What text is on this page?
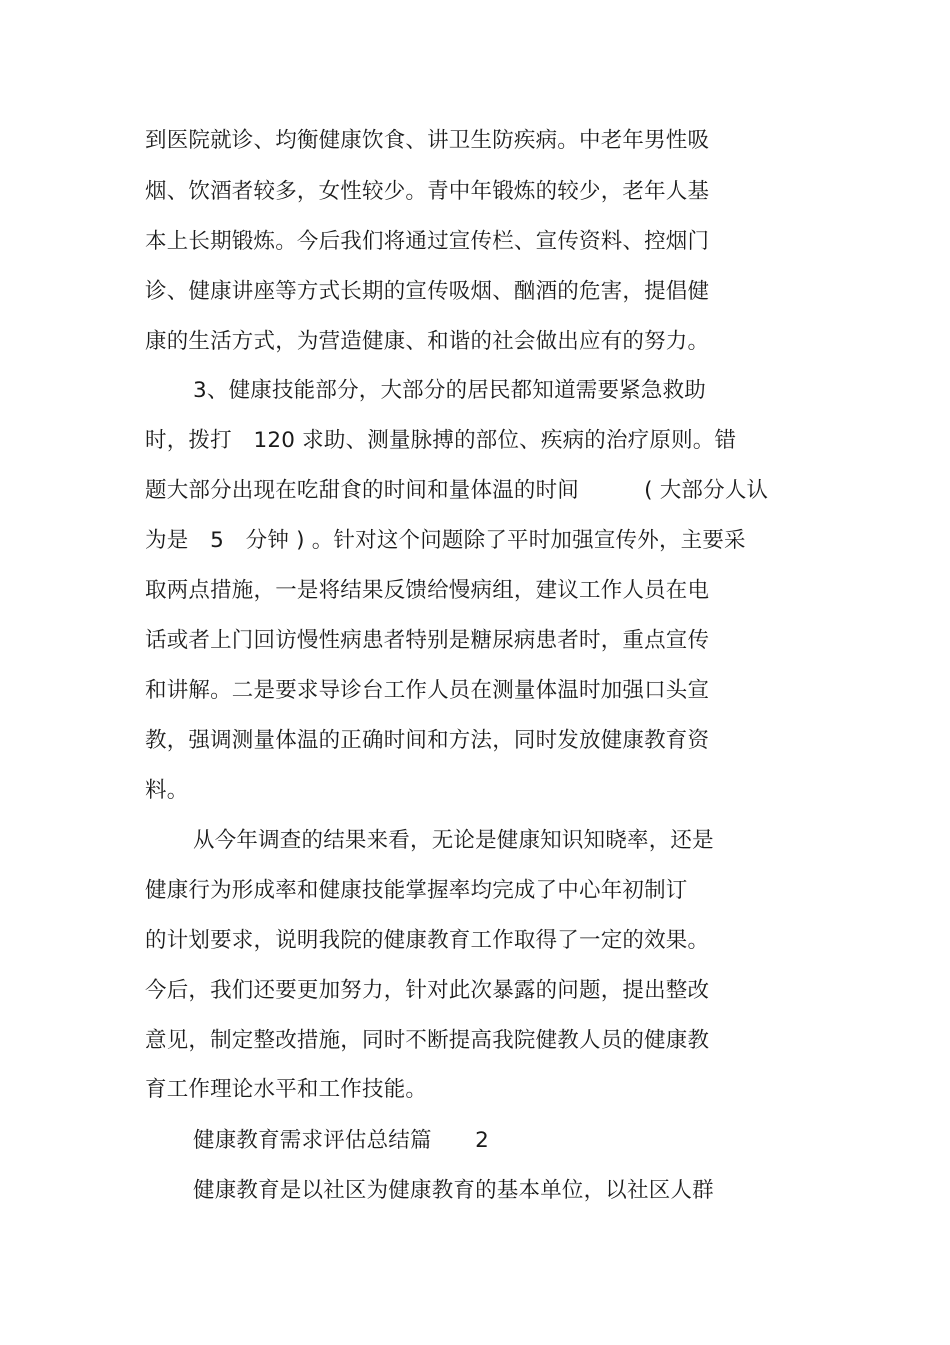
到医院就诊、均衡健康饮食、讲卫生防疾病。中老年男性吸
烟、饮酒者较多，女性较少。青中年锻炼的较少，老年人基
本上长期锻炼。今后我们将通过宣传栏、宣传资料、控烟门
诊、健康讲座等方式长期的宣传吸烟、酗酒的危害，提倡健
康的生活方式，为营造健康、和谐的社会做出应有的努力。
3、健康技能部分，大部分的居民都知道需要紧急救助
时，拨打　120 求助、测量脉搏的部位、疾病的治疗原则。错
题大部分出现在吃甜食的时间和量体温的时间　　　( 大部分人认
为是　5　分钟 ) 。针对这个问题除了平时加强宣传外，主要采
取两点措施，一是将结果反馈给慢病组，建议工作人员在电
话或者上门回访慢性病患者特别是糖尿病患者时，重点宣传
和讲解。二是要求导诊台工作人员在测量体温时加强口头宣
教，强调测量体温的正确时间和方法，同时发放健康教育资
料。
从今年调查的结果来看，无论是健康知识知晓率，还是
健康行为形成率和健康技能掌握率均完成了中心年初制订
的计划要求，说明我院的健康教育工作取得了一定的效果。
今后，我们还要更加努力，针对此次暴露的问题，提出整改
意见，制定整改措施，同时不断提高我院健教人员的健康教
育工作理论水平和工作技能。
健康教育需求评估总结篇　　2
健康教育是以社区为健康教育的基本单位，以社区人群
